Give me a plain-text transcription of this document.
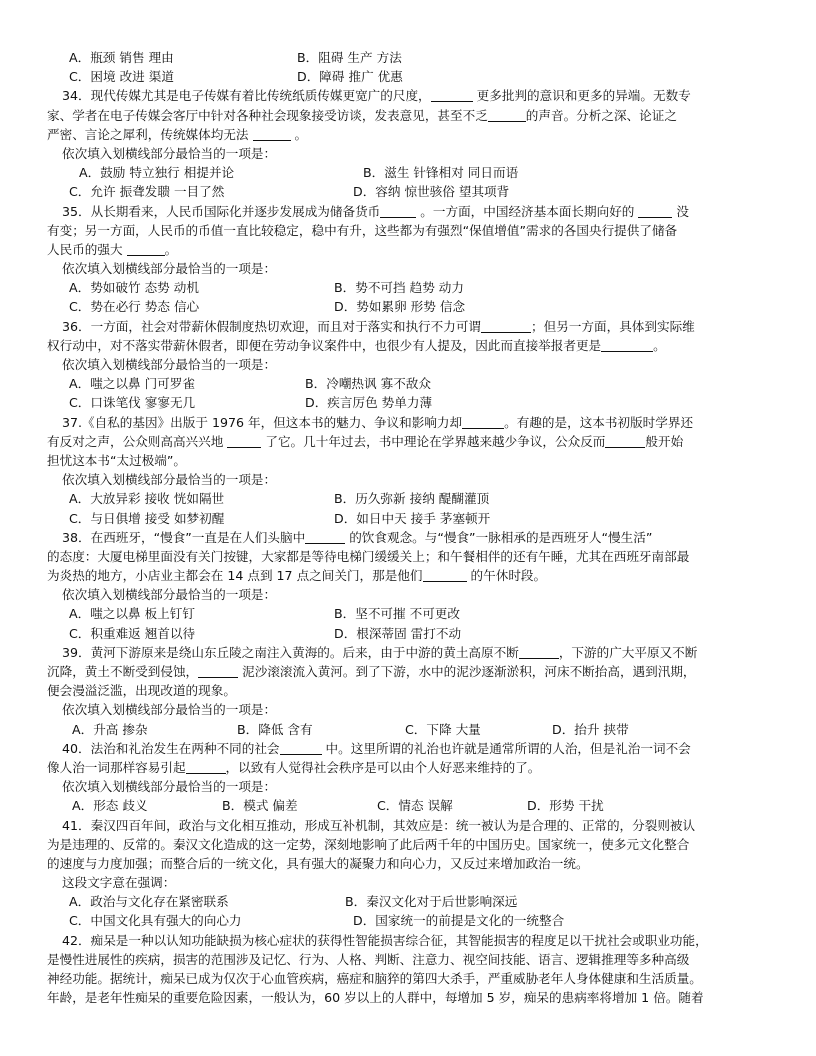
A．瓶颈 销售 理由	B．阻碍 生产 方法
C．困境 改进 渠道	D．障碍 推广 优惠
34．现代传媒尤其是电子传媒有着比传统纸质传媒更宽广的尺度，	更多批判的意识和更多的异端。无数专
家、学者在电子传媒会客厅中针对各种社会现象接受访谈，发表意见，甚至不乏	的声音。分析之深、论证之
严密、言论之犀利，传统媒体均无法	。
依次填入划横线部分最恰当的一项是：
A．鼓励 特立独行 相提并论	B．滋生 针锋相对 同日而语
C．允许 振聋发聩 一目了然	D．容纳 惊世骇俗 望其项背
35．从长期看来，人民币国际化并逐步发展成为储备货币	。一方面，中国经济基本面长期向好的	没
有变；另一方面，人民币的币值一直比较稳定，稳中有升，这些都为有强烈“保值增值”需求的各国央行提供了储备
人民币的强大	。
依次填入划横线部分最恰当的一项是：
A．势如破竹 态势 动机	B．势不可挡 趋势 动力
C．势在必行 势态 信心	D．势如累卵 形势 信念
36．一方面，社会对带薪休假制度热切欢迎，而且对于落实和执行不力可谓	；但另一方面，具体到实际维
权行动中，对不落实带薪休假者，即便在劳动争议案件中，也很少有人提及，因此而直接举报者更是	。
依次填入划横线部分最恰当的一项是：
A．嗤之以鼻 门可罗雀	B．冷嘲热讽 寡不敌众
C．口诛笔伐 寥寥无几	D．疾言厉色 势单力薄
37.《自私的基因》出版于 1976 年，但这本书的魅力、争议和影响力却	。有趣的是，这本书初版时学界还
有反对之声，公众则高高兴兴地	了它。几十年过去，书中理论在学界越来越少争议，公众反而	般开始
担忧这本书“太过极端”。
依次填入划横线部分最恰当的一项是：
A．大放异彩 接收 恍如隔世	B．历久弥新 接纳 醍醐灌顶
C．与日俱增 接受 如梦初醒	D．如日中天 接手 茅塞顿开
38．在西班牙，“慢食”一直是在人们头脑中	的饮食观念。与“慢食”一脉相承的是西班牙人“慢生活”
的态度：大厦电梯里面没有关门按键，大家都是等待电梯门缓缓关上；和午餐相伴的还有午睡，尤其在西班牙南部最
为炎热的地方，小店业主都会在 14 点到 17 点之间关门，那是他们	的午休时段。
依次填入划横线部分最恰当的一项是：
A．嗤之以鼻 板上钉钉	B．坚不可摧 不可更改
C．积重难返 翘首以待	D．根深蒂固 雷打不动
39．黄河下游原来是绕山东丘陵之南注入黄海的。后来，由于中游的黄土高原不断	，下游的广大平原又不断
沉降，黄土不断受到侵蚀，	泥沙滚滚流入黄河。到了下游，水中的泥沙逐渐淤积，河床不断抬高，遇到汛期，
便会漫溢泛滥，出现改道的现象。
依次填入划横线部分最恰当的一项是：
A．升高 掺杂	B．降低 含有	C．下降 大量	D．抬升 挟带
40．法治和礼治发生在两种不同的社会	中。这里所谓的礼治也许就是通常所谓的人治，但是礼治一词不会
像人治一词那样容易引起	，以致有人觉得社会秩序是可以由个人好恶来维持的了。
依次填入划横线部分最恰当的一项是：
A．形态 歧义	B．模式 偏差	C．情态 误解	D．形势 干扰
41．秦汉四百年间，政治与文化相互推动，形成互补机制，其效应是：统一被认为是合理的、正常的，分裂则被认
为是违理的、反常的。秦汉文化造成的这一定势，深刻地影响了此后两千年的中国历史。国家统一，使多元文化整合
的速度与力度加强；而整合后的一统文化，具有强大的凝聚力和向心力，又反过来增加政治一统。
这段文字意在强调：
A．政治与文化存在紧密联系	B．秦汉文化对于后世影响深远
C．中国文化具有强大的向心力	D．国家统一的前提是文化的一统整合
42．痴呆是一种以认知功能缺损为核心症状的获得性智能损害综合征，其智能损害的程度足以干扰社会或职业功能，
是慢性进展性的疾病，损害的范围涉及记忆、行为、人格、判断、注意力、视空间技能、语言、逻辑推理等多种高级
神经功能。据统计，痴呆已成为仅次于心血管疾病，癌症和脑猝的第四大杀手，严重威胁老年人身体健康和生活质量。
年龄，是老年性痴呆的重要危险因素，一般认为，60 岁以上的人群中，每增加 5 岁，痴呆的患病率将增加 1 倍。随着
